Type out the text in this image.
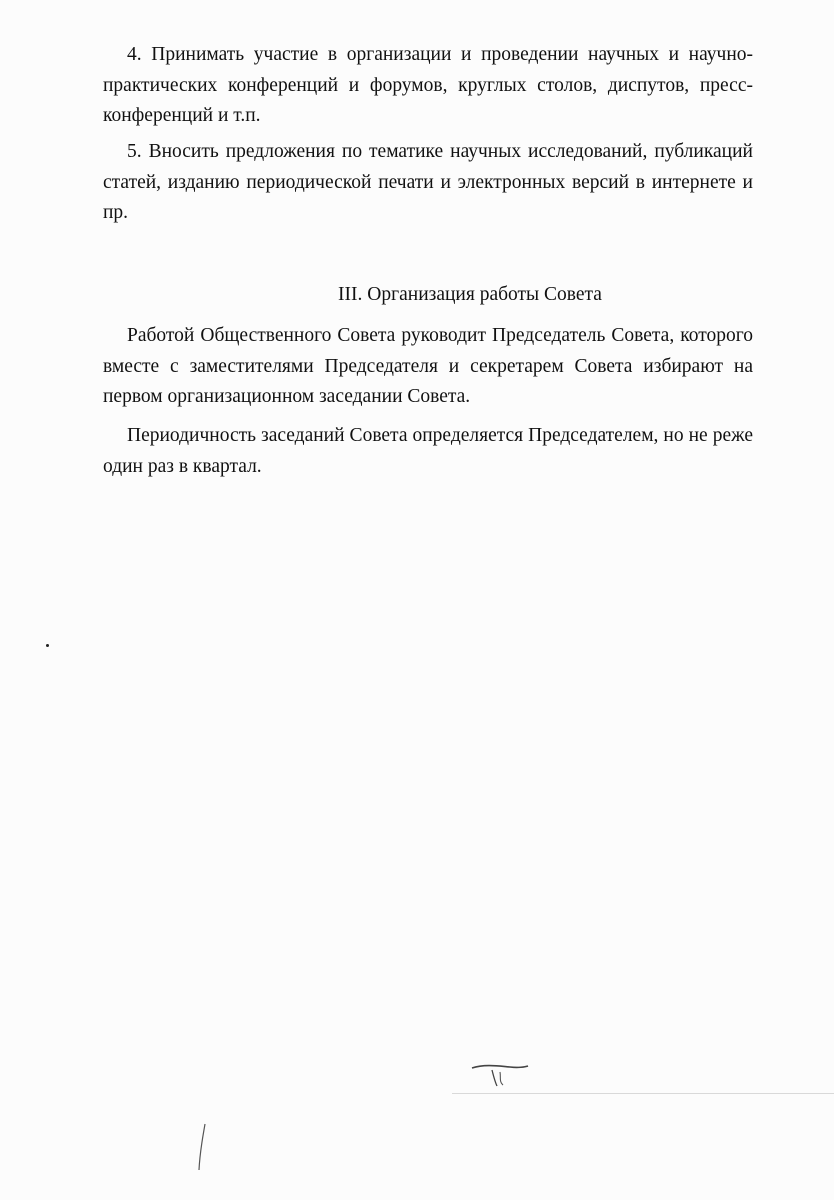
4. Принимать участие в организации и проведении научных и научно-практических конференций и форумов, круглых столов, диспутов, пресс-конференций и т.п.

5. Вносить предложения по тематике научных исследований, публикаций статей, изданию периодической печати и электронных версий в интернете и пр.

III. Организация работы Совета

Работой Общественного Совета руководит Председатель Совета, которого вместе с заместителями Председателя и секретарем Совета избирают на первом организационном заседании Совета.

Периодичность заседаний Совета определяется Председателем, но не реже один раз в квартал.
